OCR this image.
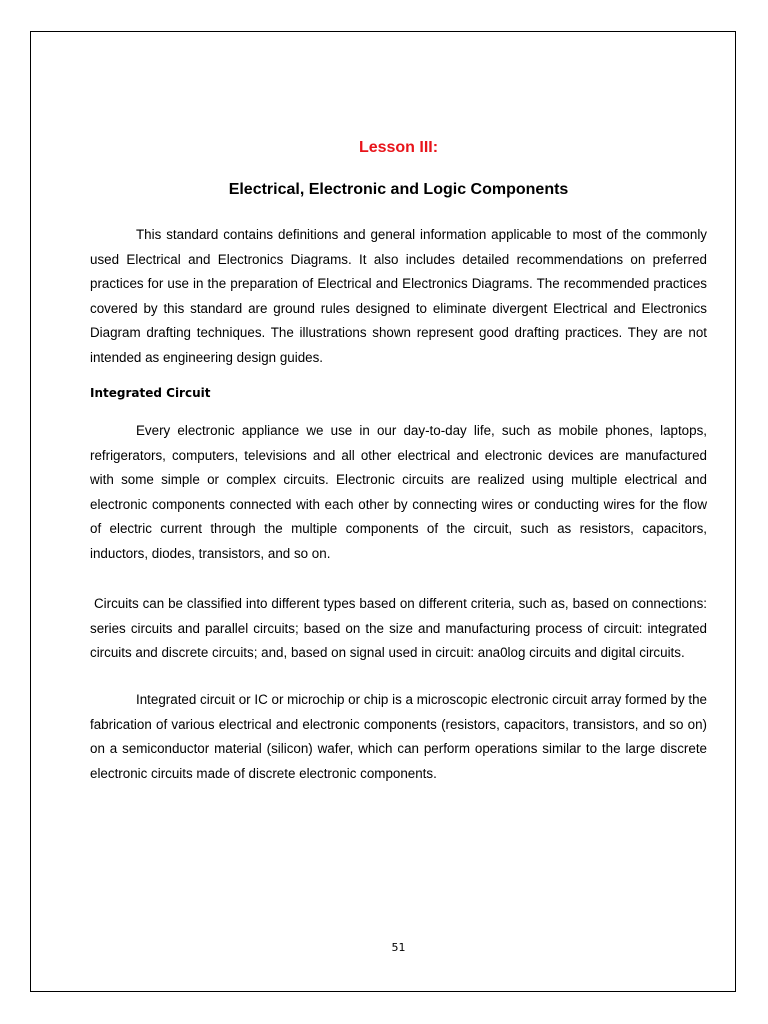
Lesson III:
Electrical, Electronic and Logic Components

This standard contains definitions and general information applicable to most of the commonly used Electrical and Electronics Diagrams. It also includes detailed recommendations on preferred practices for use in the preparation of Electrical and Electronics Diagrams. The recommended practices covered by this standard are ground rules designed to eliminate divergent Electrical and Electronics Diagram drafting techniques. The illustrations shown represent good drafting practices. They are not intended as engineering design guides.

Integrated Circuit

Every electronic appliance we use in our day-to-day life, such as mobile phones, laptops, refrigerators, computers, televisions and all other electrical and electronic devices are manufactured with some simple or complex circuits. Electronic circuits are realized using multiple electrical and electronic components connected with each other by connecting wires or conducting wires for the flow of electric current through the multiple components of the circuit, such as resistors, capacitors, inductors, diodes, transistors, and so on.

Circuits can be classified into different types based on different criteria, such as, based on connections: series circuits and parallel circuits; based on the size and manufacturing process of circuit: integrated circuits and discrete circuits; and, based on signal used in circuit: ana0log circuits and digital circuits.

Integrated circuit or IC or microchip or chip is a microscopic electronic circuit array formed by the fabrication of various electrical and electronic components (resistors, capacitors, transistors, and so on) on a semiconductor material (silicon) wafer, which can perform operations similar to the large discrete electronic circuits made of discrete electronic components.

51
